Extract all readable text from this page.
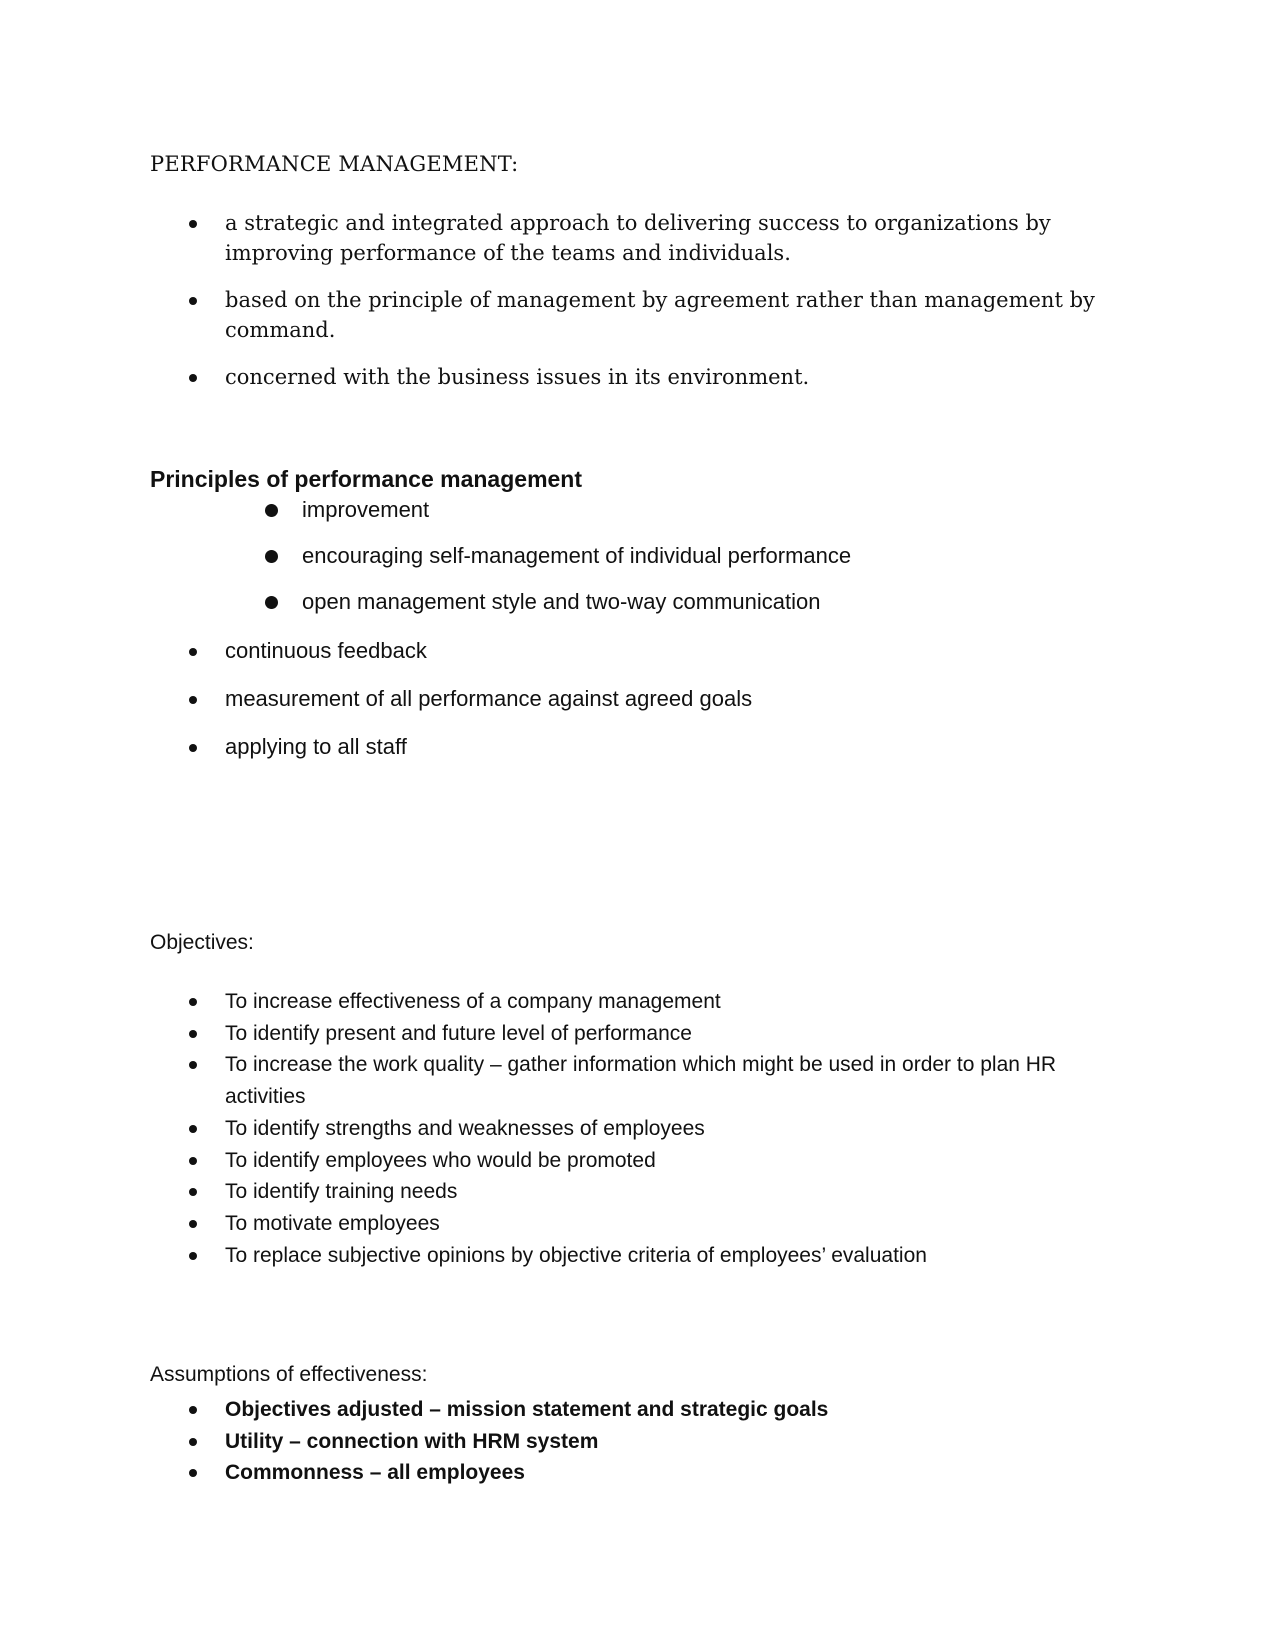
PERFORMANCE MANAGEMENT:

a strategic and integrated approach to delivering success to organizations by improving performance of the teams and individuals.
based on the principle of management by agreement rather than management by command.
concerned with the business issues in its environment.

Principles of performance management

improvement
encouraging self-management of individual performance
open management style and two-way communication
continuous feedback
measurement of all performance against agreed goals
applying to all staff

Objectives:

To increase effectiveness of a company management
To identify present and future level of performance
To increase the work quality – gather information which might be used in order to plan HR activities
To identify strengths and weaknesses of employees
To identify employees who would be promoted
To identify training needs
To motivate employees
To replace subjective opinions by objective criteria of employees’ evaluation

Assumptions of effectiveness:

Objectives adjusted – mission statement and strategic goals
Utility – connection with HRM system
Commonness – all employees
